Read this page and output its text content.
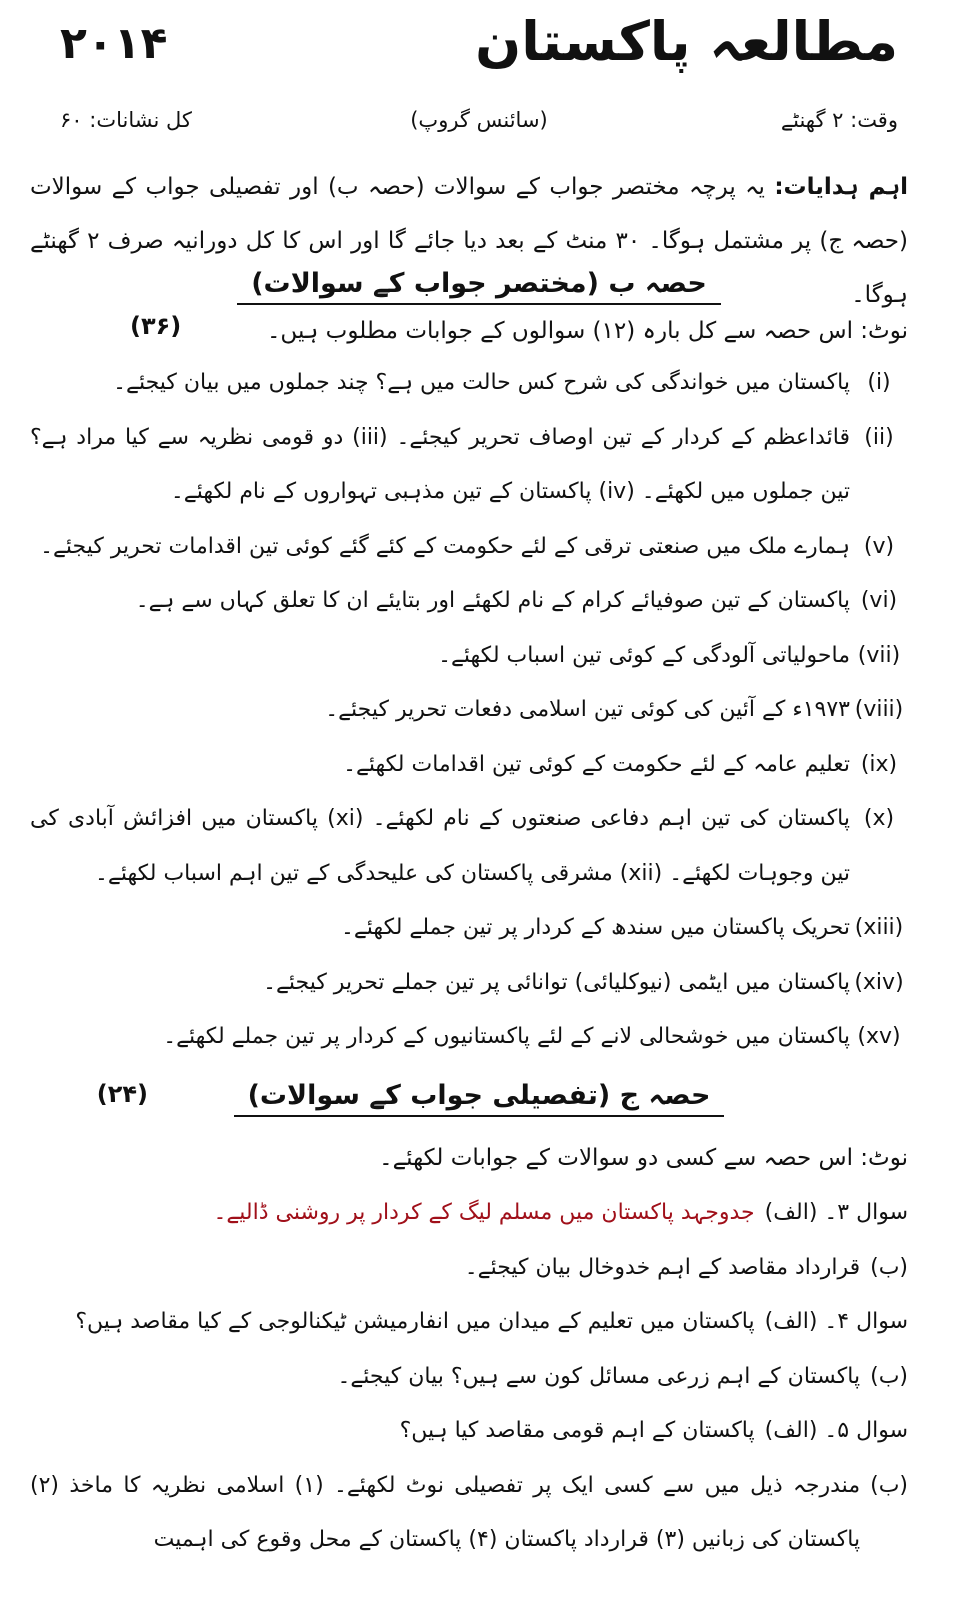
مطالعہ پاکستان
۲۰۱۴
وقت: ۲ گھنٹے
(سائنس گروپ)
کل نشانات: ۶۰
اہم ہدایات: یہ پرچہ مختصر جواب کے سوالات (حصہ ب) اور تفصیلی جواب کے سوالات (حصہ ج) پر مشتمل ہوگا۔ ۳۰ منٹ کے بعد دیا جائے گا اور اس کا کل دورانیہ صرف ۲ گھنٹے ہوگا۔
حصہ ب (مختصر جواب کے سوالات)
نوٹ: اس حصہ سے کل بارہ (۱۲) سوالوں کے جوابات مطلوب ہیں۔
(۳۶)
(i)
پاکستان میں خواندگی کی شرح کس حالت میں ہے؟ چند جملوں میں بیان کیجئے۔
(ii)
قائداعظم کے کردار کے تین اوصاف تحریر کیجئے۔ (iii) دو قومی نظریہ سے کیا مراد ہے؟ تین جملوں میں لکھئے۔ (iv) پاکستان کے تین مذہبی تہواروں کے نام لکھئے۔
(v)
ہمارے ملک میں صنعتی ترقی کے لئے حکومت کے کئے گئے کوئی تین اقدامات تحریر کیجئے۔
(vi)
پاکستان کے تین صوفیائے کرام کے نام لکھئے اور بتایئے ان کا تعلق کہاں سے ہے۔
(vii)
ماحولیاتی آلودگی کے کوئی تین اسباب لکھئے۔
(viii)
۱۹۷۳ء کے آئین کی کوئی تین اسلامی دفعات تحریر کیجئے۔
(ix)
تعلیم عامہ کے لئے حکومت کے کوئی تین اقدامات لکھئے۔
(x)
پاکستان کی تین اہم دفاعی صنعتوں کے نام لکھئے۔ (xi) پاکستان میں افزائش آبادی کی تین وجوہات لکھئے۔ (xii) مشرقی پاکستان کی علیحدگی کے تین اہم اسباب لکھئے۔
(xiii)
تحریک پاکستان میں سندھ کے کردار پر تین جملے لکھئے۔
(xiv)
پاکستان میں ایٹمی (نیوکلیائی) توانائی پر تین جملے تحریر کیجئے۔
(xv)
پاکستان میں خوشحالی لانے کے لئے پاکستانیوں کے کردار پر تین جملے لکھئے۔
(۲۴)	حصہ ج (تفصیلی جواب کے سوالات)
نوٹ: اس حصہ سے کسی دو سوالات کے جوابات لکھئے۔
سوال ۳۔ (الف)
جدوجہد پاکستان میں مسلم لیگ کے کردار پر روشنی ڈالیے۔
(ب)
قرارداد مقاصد کے اہم خدوخال بیان کیجئے۔
سوال ۴۔ (الف)
پاکستان میں تعلیم کے میدان میں انفارمیشن ٹیکنالوجی کے کیا مقاصد ہیں؟
(ب)
پاکستان کے اہم زرعی مسائل کون سے ہیں؟ بیان کیجئے۔
سوال ۵۔ (الف)
پاکستان کے اہم قومی مقاصد کیا ہیں؟
(ب)
مندرجہ ذیل میں سے کسی ایک پر تفصیلی نوٹ لکھئے۔ (۱) اسلامی نظریہ کا ماخذ (۲) پاکستان کی زبانیں (۳) قرارداد پاکستان (۴) پاکستان کے محل وقوع کی اہمیت
